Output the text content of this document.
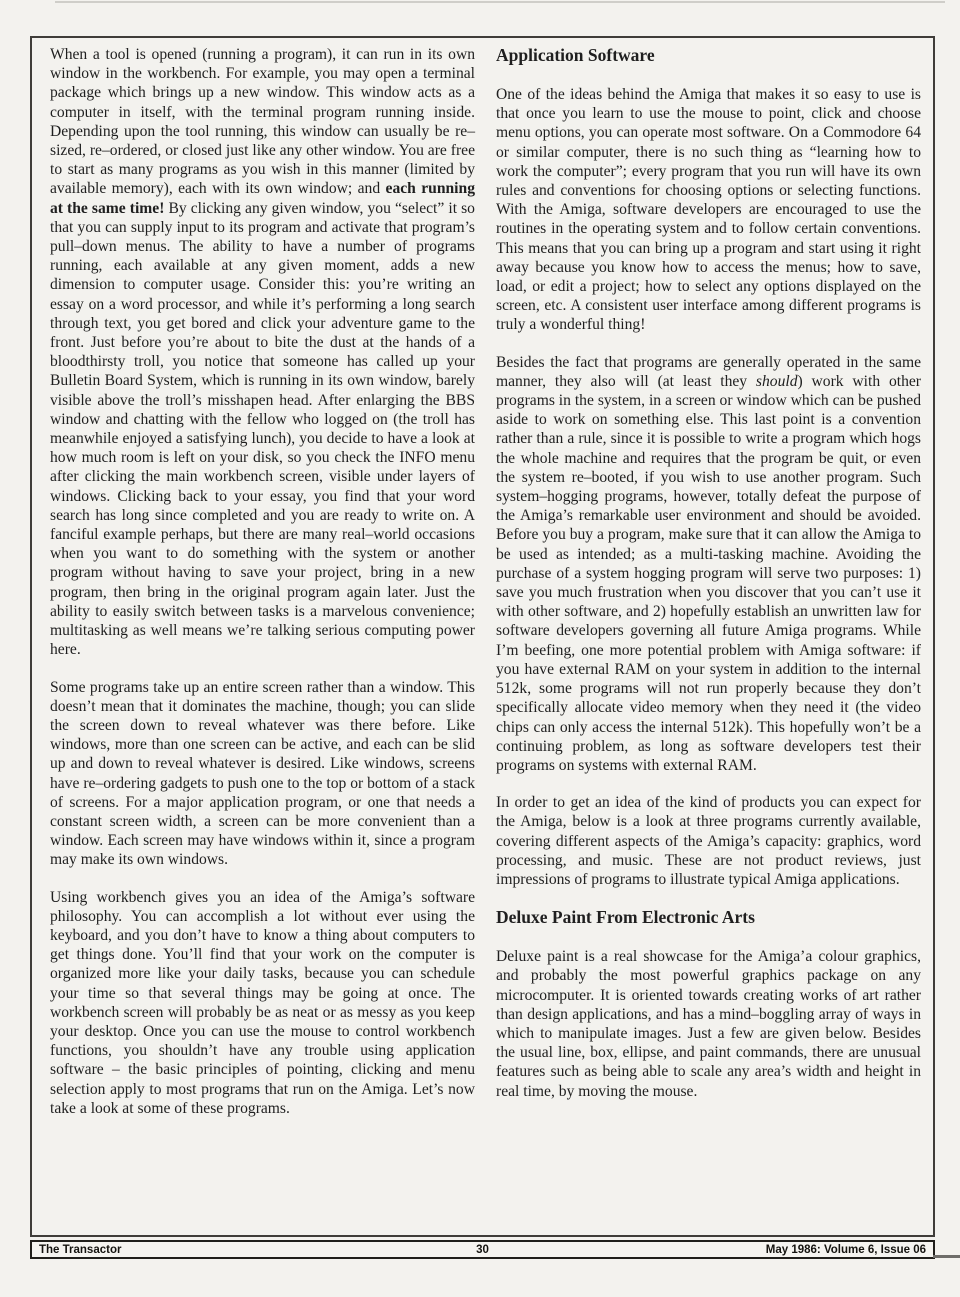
When a tool is opened (running a program), it can run in its own window in the workbench. For example, you may open a terminal package which brings up a new window. This window acts as a computer in itself, with the terminal program running inside. Depending upon the tool running, this window can usually be re–sized, re–ordered, or closed just like any other window. You are free to start as many programs as you wish in this manner (limited by available memory), each with its own window; and each running at the same time! By clicking any given window, you “select” it so that you can supply input to its program and activate that program’s pull–down menus. The ability to have a number of programs running, each available at any given moment, adds a new dimension to computer usage. Consider this: you’re writing an essay on a word processor, and while it’s performing a long search through text, you get bored and click your adventure game to the front. Just before you’re about to bite the dust at the hands of a bloodthirsty troll, you notice that someone has called up your Bulletin Board System, which is running in its own window, barely visible above the troll’s misshapen head. After enlarging the BBS window and chatting with the fellow who logged on (the troll has meanwhile enjoyed a satisfying lunch), you decide to have a look at how much room is left on your disk, so you check the INFO menu after clicking the main workbench screen, visible under layers of windows. Clicking back to your essay, you find that your word search has long since completed and you are ready to write on. A fanciful example perhaps, but there are many real–world occasions when you want to do something with the system or another program without having to save your project, bring in a new program, then bring in the original program again later. Just the ability to easily switch between tasks is a marvelous convenience; multitasking as well means we’re talking serious computing power here.

Some programs take up an entire screen rather than a window. This doesn’t mean that it dominates the machine, though; you can slide the screen down to reveal whatever was there before. Like windows, more than one screen can be active, and each can be slid up and down to reveal whatever is desired. Like windows, screens have re–ordering gadgets to push one to the top or bottom of a stack of screens. For a major application program, or one that needs a constant screen width, a screen can be more convenient than a window. Each screen may have windows within it, since a program may make its own windows.

Using workbench gives you an idea of the Amiga’s software philosophy. You can accomplish a lot without ever using the keyboard, and you don’t have to know a thing about computers to get things done. You’ll find that your work on the computer is organized more like your daily tasks, because you can schedule your time so that several things may be going at once. The workbench screen will probably be as neat or as messy as you keep your desktop. Once you can use the mouse to control workbench functions, you shouldn’t have any trouble using application software – the basic principles of pointing, clicking and menu selection apply to most programs that run on the Amiga. Let’s now take a look at some of these programs.

Application Software

One of the ideas behind the Amiga that makes it so easy to use is that once you learn to use the mouse to point, click and choose menu options, you can operate most software. On a Commodore 64 or similar computer, there is no such thing as “learning how to work the computer”; every program that you run will have its own rules and conventions for choosing options or selecting functions. With the Amiga, software developers are encouraged to use the routines in the operating system and to follow certain conventions. This means that you can bring up a program and start using it right away because you know how to access the menus; how to save, load, or edit a project; how to select any options displayed on the screen, etc. A consistent user interface among different programs is truly a wonderful thing!

Besides the fact that programs are generally operated in the same manner, they also will (at least they should) work with other programs in the system, in a screen or window which can be pushed aside to work on something else. This last point is a convention rather than a rule, since it is possible to write a program which hogs the whole machine and requires that the program be quit, or even the system re–booted, if you wish to use another program. Such system–hogging programs, however, totally defeat the purpose of the Amiga’s remarkable user environment and should be avoided. Before you buy a program, make sure that it can allow the Amiga to be used as intended; as a multi-tasking machine. Avoiding the purchase of a system hogging program will serve two purposes: 1) save you much frustration when you discover that you can’t use it with other software, and 2) hopefully establish an unwritten law for software developers governing all future Amiga programs. While I’m beefing, one more potential problem with Amiga software: if you have external RAM on your system in addition to the internal 512k, some programs will not run properly because they don’t specifically allocate video memory when they need it (the video chips can only access the internal 512k). This hopefully won’t be a continuing problem, as long as software developers test their programs on systems with external RAM.

In order to get an idea of the kind of products you can expect for the Amiga, below is a look at three programs currently available, covering different aspects of the Amiga’s capacity: graphics, word processing, and music. These are not product reviews, just impressions of programs to illustrate typical Amiga applications.

Deluxe Paint From Electronic Arts

Deluxe paint is a real showcase for the Amiga’a colour graphics, and probably the most powerful graphics package on any microcomputer. It is oriented towards creating works of art rather than design applications, and has a mind–boggling array of ways in which to manipulate images. Just a few are given below. Besides the usual line, box, ellipse, and paint commands, there are unusual features such as being able to scale any area’s width and height in real time, by moving the mouse.

The Transactor	30	May 1986: Volume 6, Issue 06
